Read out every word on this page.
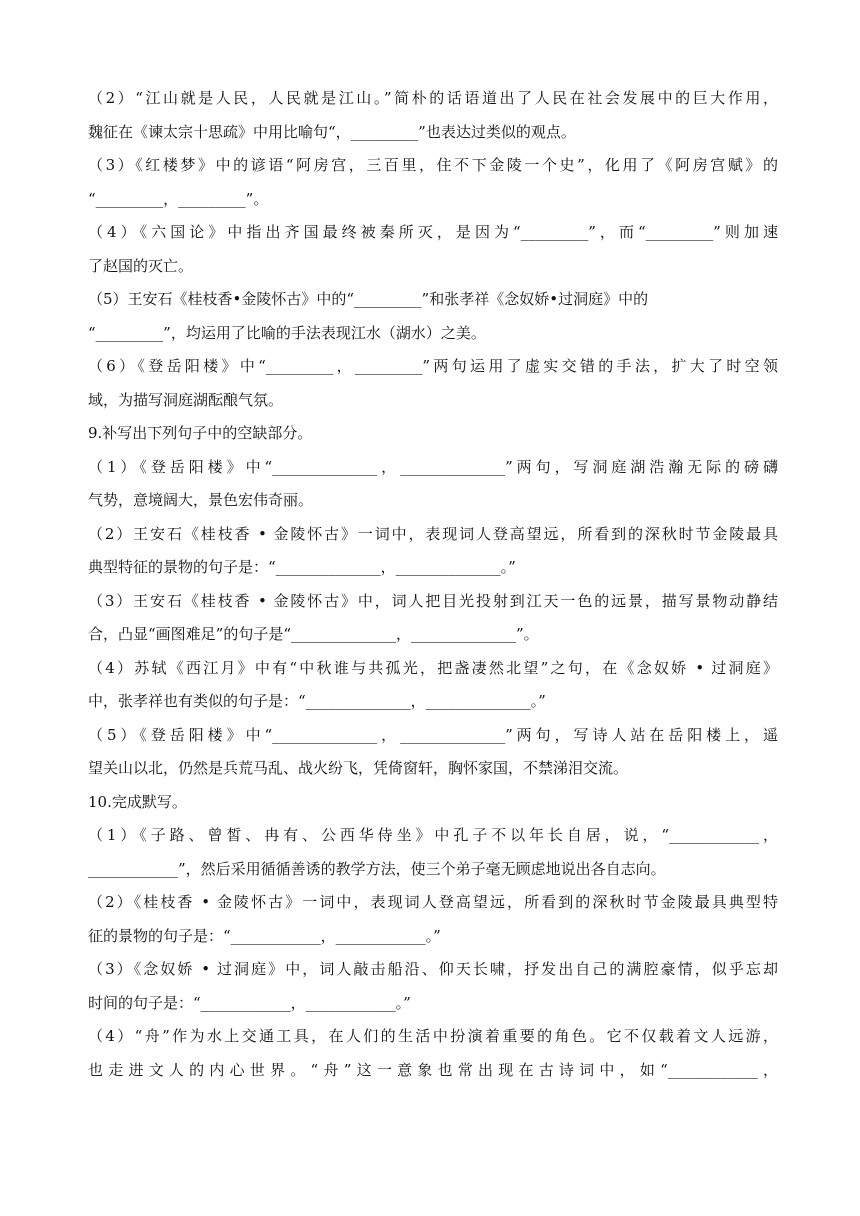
（2）“江山就是人民，人民就是江山。”简朴的话语道出了人民在社会发展中的巨大作用，
魏征在《谏太宗十思疏》中用比喻句“，_________”也表达过类似的观点。
（3）《红楼梦》中的谚语“阿房宫，三百里，住不下金陵一个史”，化用了《阿房宫赋》的
“_________，_________”。
（4）《六国论》中指出齐国最终被秦所灭，是因为“_________”，而“_________”则加速
了赵国的灭亡。
（5）王安石《桂枝香•金陵怀古》中的“_________”和张孝祥《念奴娇•过洞庭》中的
“_________”，均运用了比喻的手法表现江水（湖水）之美。
（6）《登岳阳楼》中“_________，_________”两句运用了虚实交错的手法，扩大了时空领
域，为描写洞庭湖酝酿气氛。
9.补写出下列句子中的空缺部分。
（1）《登岳阳楼》中“______________，______________”两句，写洞庭湖浩瀚无际的磅礴
气势，意境阔大，景色宏伟奇丽。
（2）王安石《桂枝香 • 金陵怀古》一词中，表现词人登高望远，所看到的深秋时节金陵最具
典型特征的景物的句子是：“______________，______________。”
（3）王安石《桂枝香 • 金陵怀古》中，词人把目光投射到江天一色的远景，描写景物动静结
合，凸显“画图难足”的句子是“______________，______________”。
（4）苏轼《西江月》中有“中秋谁与共孤光，把盏凄然北望”之句，在《念奴娇 • 过洞庭》
中，张孝祥也有类似的句子是：“______________，______________。”
（5）《登岳阳楼》中“______________，______________”两句，写诗人站在岳阳楼上，遥
望关山以北，仍然是兵荒马乱、战火纷飞，凭倚窗轩，胸怀家国，不禁涕泪交流。
10.完成默写。
（1）《子路、曾皙、冉有、公西华侍坐》中孔子不以年长自居，说，“____________，
____________”，然后采用循循善诱的教学方法，使三个弟子毫无顾虑地说出各自志向。
（2）《桂枝香 • 金陵怀古》一词中，表现词人登高望远，所看到的深秋时节金陵最具典型特
征的景物的句子是：“____________，____________。”
（3）《念奴娇 • 过洞庭》中，词人敲击船沿、仰天长啸，抒发出自己的满腔豪情，似乎忘却
时间的句子是：“____________，____________。”
（4）“舟”作为水上交通工具，在人们的生活中扮演着重要的角色。它不仅载着文人远游，
也走进文人的内心世界。“舟”这一意象也常出现在古诗词中，如“____________，
